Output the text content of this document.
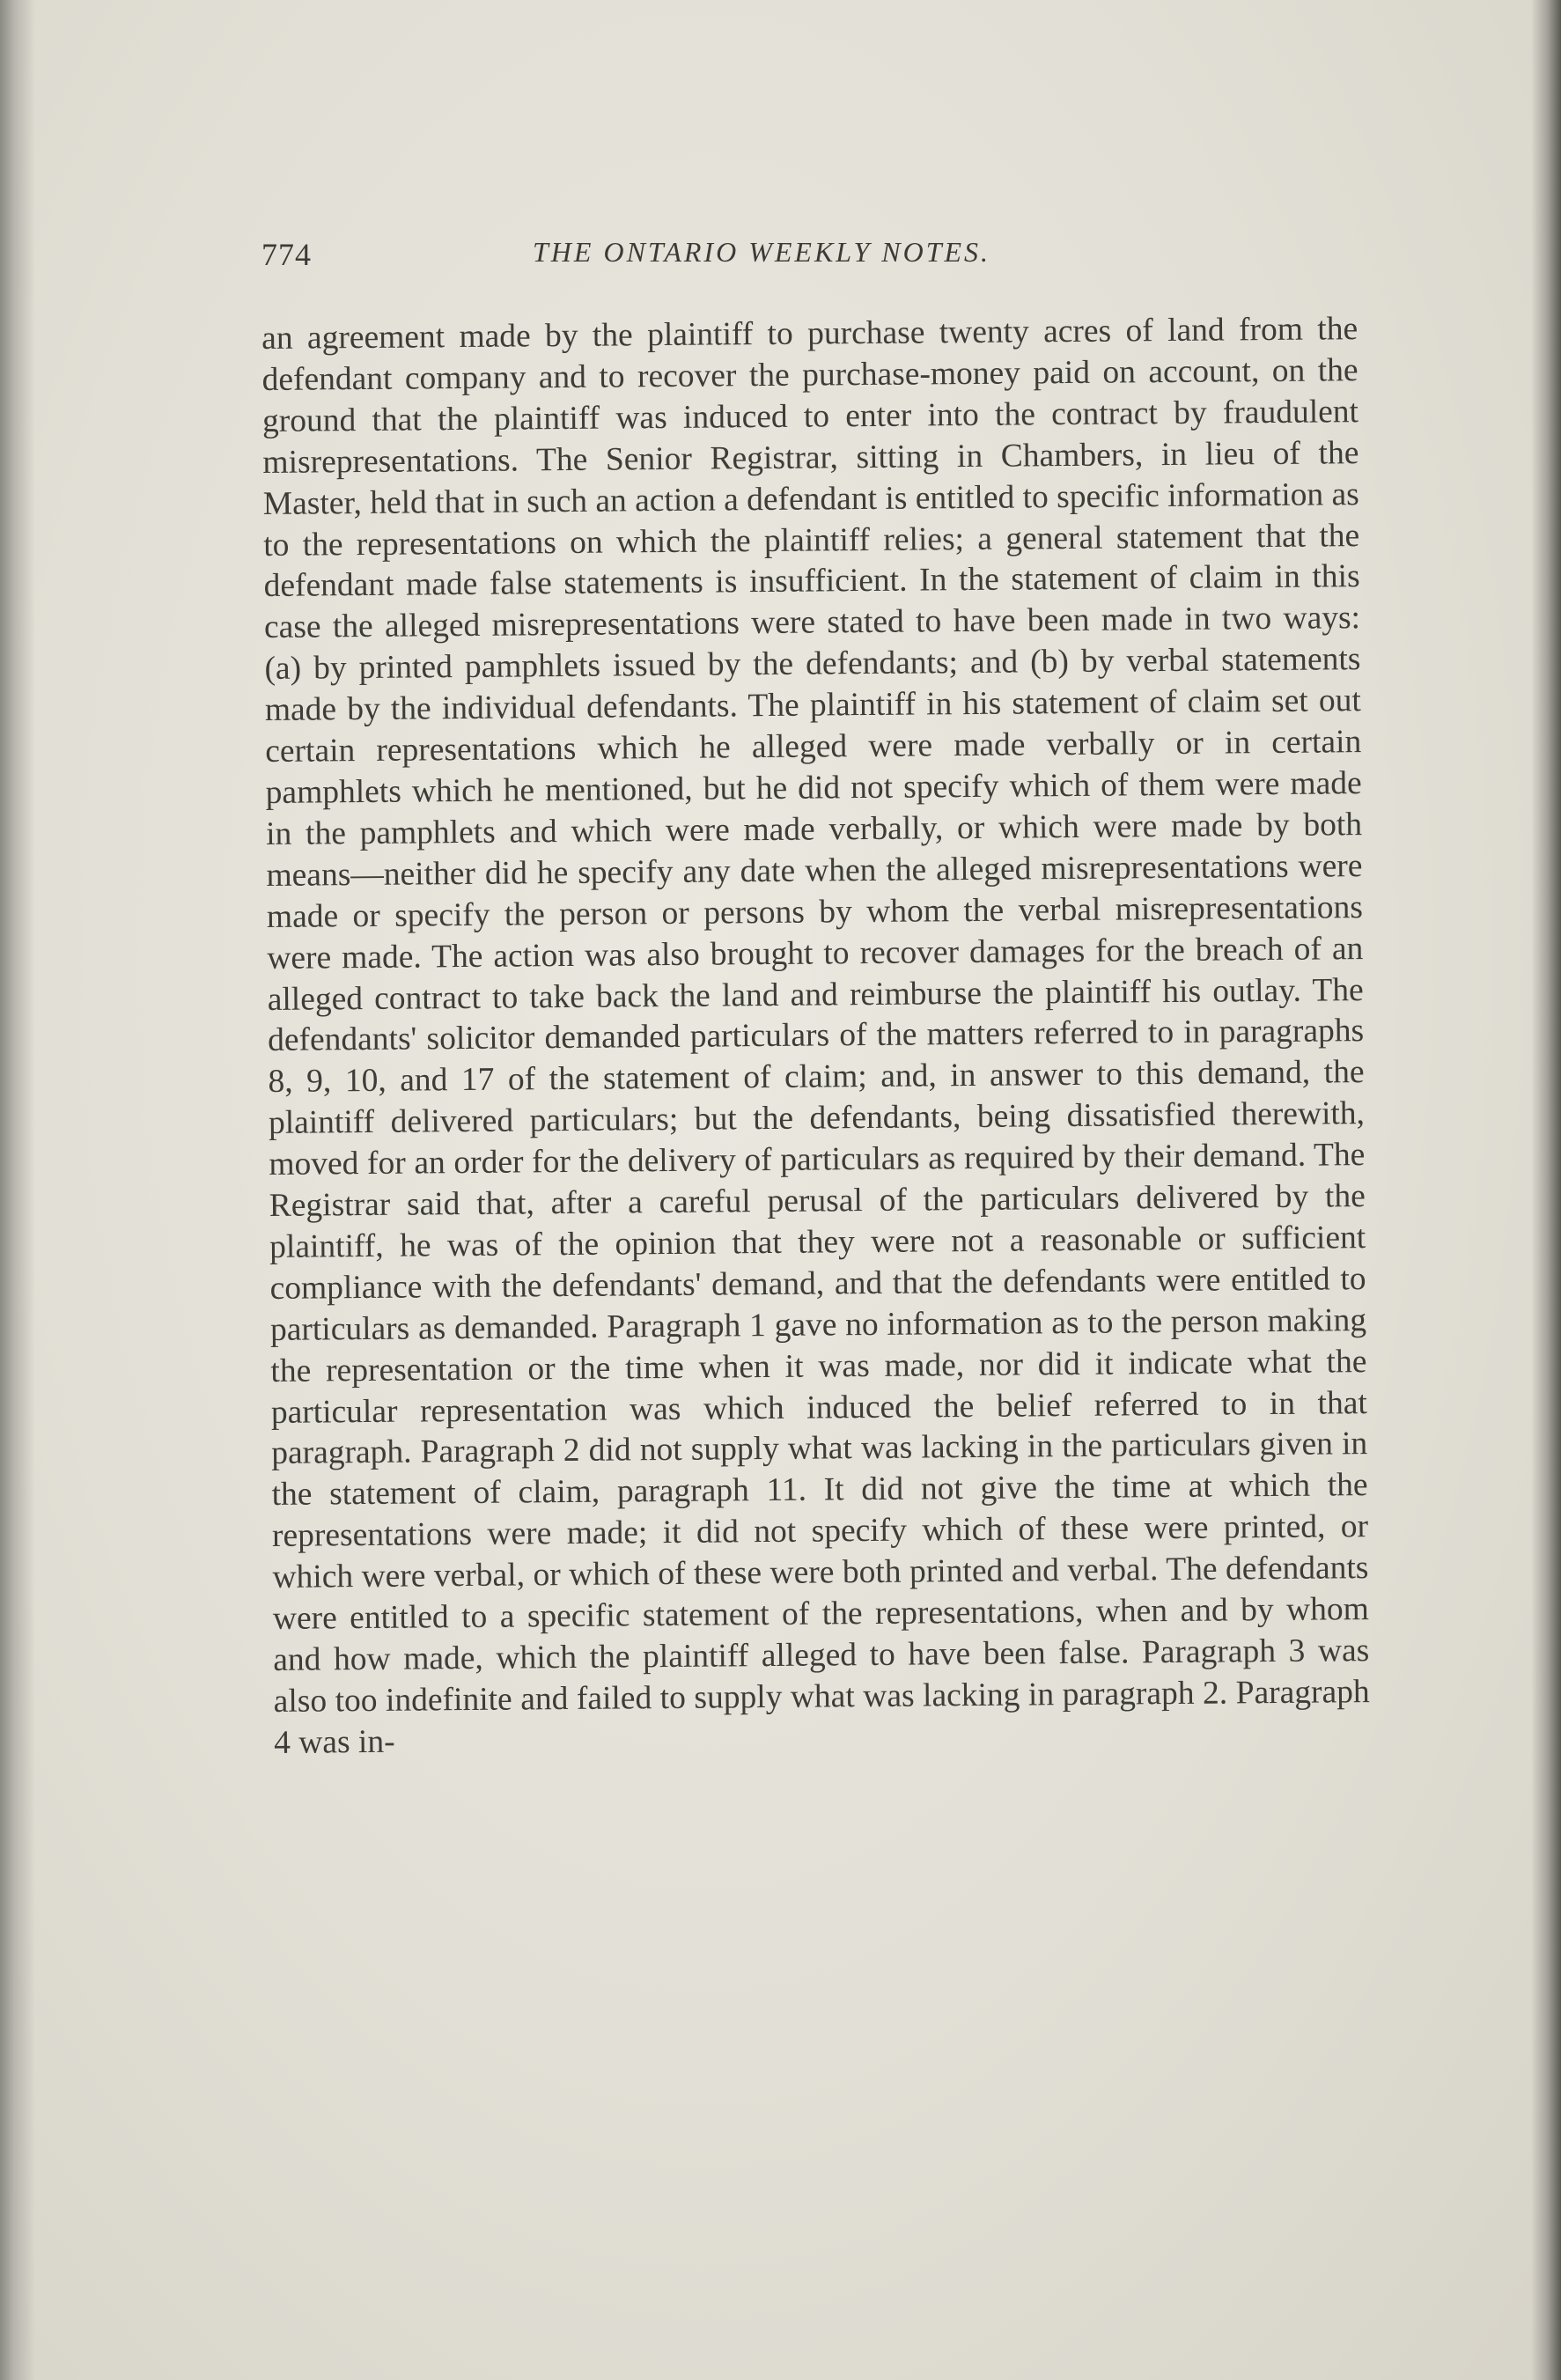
774	THE ONTARIO WEEKLY NOTES.

an agreement made by the plaintiff to purchase twenty acres of land from the defendant company and to recover the purchase-money paid on account, on the ground that the plaintiff was induced to enter into the contract by fraudulent misrepresentations. The Senior Registrar, sitting in Chambers, in lieu of the Master, held that in such an action a defendant is entitled to specific information as to the representations on which the plaintiff relies; a general statement that the defendant made false statements is insufficient. In the statement of claim in this case the alleged misrepresentations were stated to have been made in two ways: (a) by printed pamphlets issued by the defendants; and (b) by verbal statements made by the individual defendants. The plaintiff in his statement of claim set out certain representations which he alleged were made verbally or in certain pamphlets which he mentioned, but he did not specify which of them were made in the pamphlets and which were made verbally, or which were made by both means—neither did he specify any date when the alleged misrepresentations were made or specify the person or persons by whom the verbal misrepresentations were made. The action was also brought to recover damages for the breach of an alleged contract to take back the land and reimburse the plaintiff his outlay. The defendants' solicitor demanded particulars of the matters referred to in paragraphs 8, 9, 10, and 17 of the statement of claim; and, in answer to this demand, the plaintiff delivered particulars; but the defendants, being dissatisfied therewith, moved for an order for the delivery of particulars as required by their demand. The Registrar said that, after a careful perusal of the particulars delivered by the plaintiff, he was of the opinion that they were not a reasonable or sufficient compliance with the defendants' demand, and that the defendants were entitled to particulars as demanded. Paragraph 1 gave no information as to the person making the representation or the time when it was made, nor did it indicate what the particular representation was which induced the belief referred to in that paragraph. Paragraph 2 did not supply what was lacking in the particulars given in the statement of claim, paragraph 11. It did not give the time at which the representations were made; it did not specify which of these were printed, or which were verbal, or which of these were both printed and verbal. The defendants were entitled to a specific statement of the representations, when and by whom and how made, which the plaintiff alleged to have been false. Paragraph 3 was also too indefinite and failed to supply what was lacking in paragraph 2. Paragraph 4 was in-
